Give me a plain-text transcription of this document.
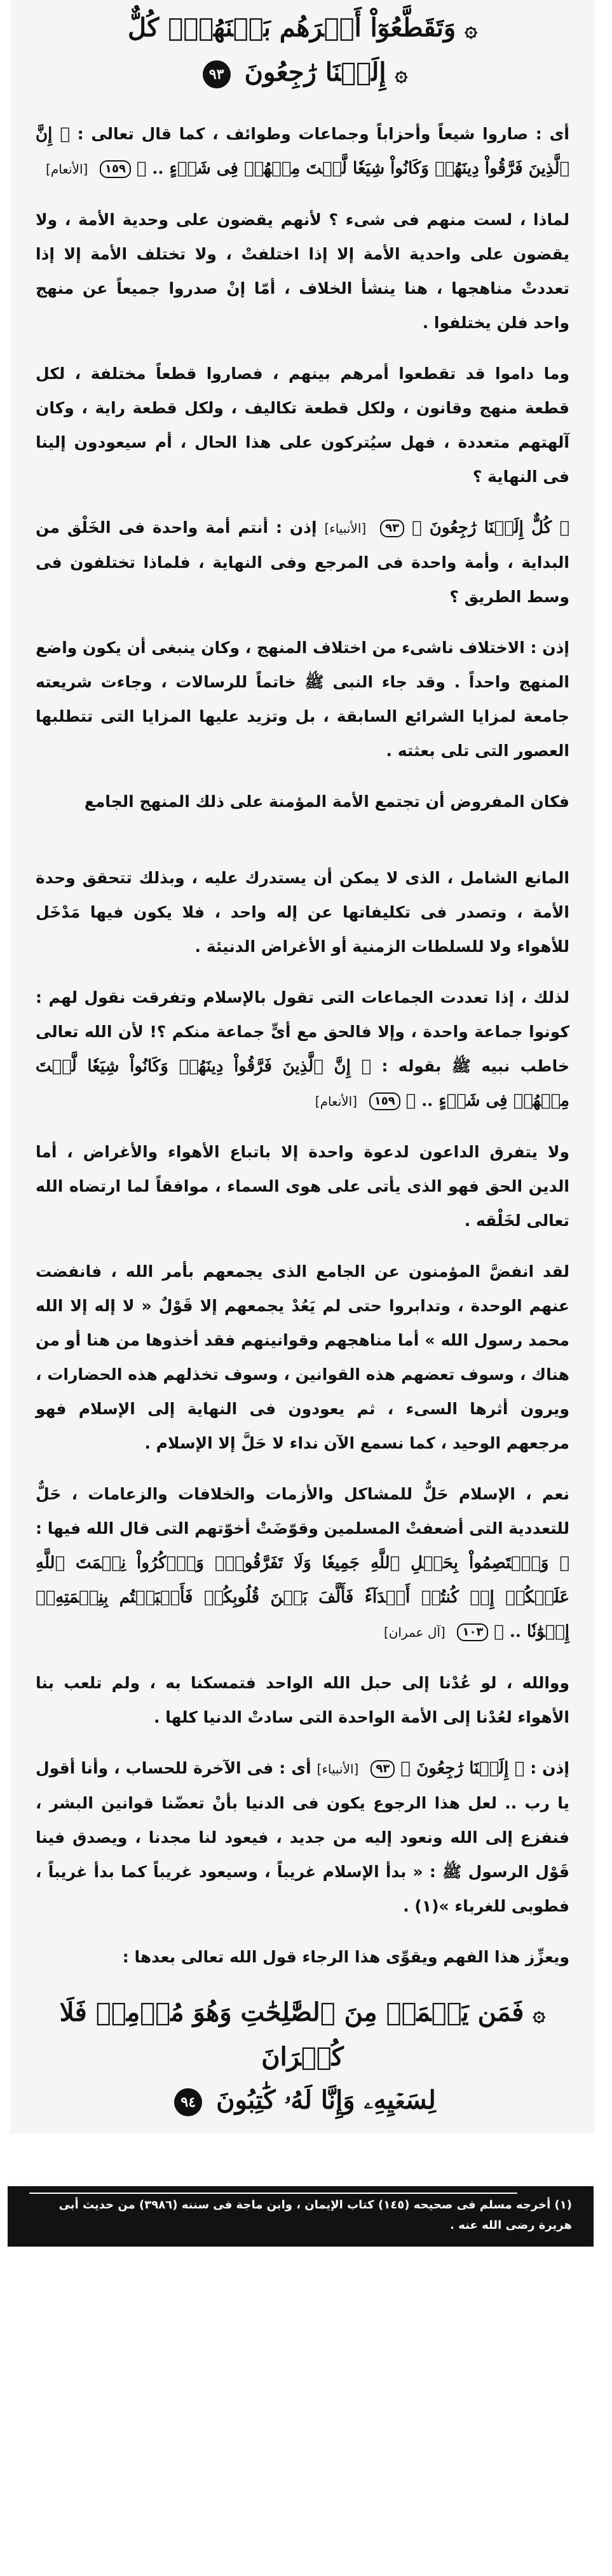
۞ وَتَقَطَّعُوٓاْ أَمۡرَهُم بَيۡنَهُمۡۖ كُلٌّ
۞ إِلَيۡنَا رَٰجِعُونَ ٩٣

أى : صاروا شيعاً وأحزاباً وجماعات وطوائف ، كما قال تعالى : ﴿ إِنَّ ٱلَّذِينَ فَرَّقُواْ دِينَهُمۡ وَكَانُواْ شِيَعٗا لَّسۡتَ مِنۡهُمۡ فِى شَىۡءٍ .. ﴾ ١٥٩ [الأنعام]

لماذا ، لست منهم فى شىء ؟ لأنهم يقضون على وحدية الأمة ، ولا يقضون على واحدية الأمة إلا إذا اختلفتْ ، ولا تختلف الأمة إلا إذا تعددتْ مناهجها ، هنا ينشأ الخلاف ، أمّا إنْ صدروا جميعاً عن منهج واحد فلن يختلفوا .

وما داموا قد تقطعوا أمرهم بينهم ، فصاروا قطعاً مختلفة ، لكل قطعة منهج وقانون ، ولكل قطعة تكاليف ، ولكل قطعة راية ، وكان آلهتهم متعددة ، فهل سيُتركون على هذا الحال ، أم سيعودون إلينا فى النهاية ؟

﴿ كُلٌّ إِلَيۡنَا رَٰجِعُونَ ﴾ ٩٣ [الأنبياء] إذن : أنتم أمة واحدة فى الخَلْق من البداية ، وأمة واحدة فى المرجع وفى النهاية ، فلماذا تختلفون فى وسط الطريق ؟

إذن : الاختلاف ناشىء من اختلاف المنهج ، وكان ينبغى أن يكون واضع المنهج واحداً . وقد جاء النبى ﷺ خاتماً للرسالات ، وجاءت شريعته جامعة لمزايا الشرائع السابقة ، بل وتزيد عليها المزايا التى تتطلبها العصور التى تلى بعثته .

فكان المفروض أن تجتمع الأمة المؤمنة على ذلك المنهج الجامع

المانع الشامل ، الذى لا يمكن أن يستدرك عليه ، وبذلك تتحقق وحدة الأمة ، وتصدر فى تكليفاتها عن إله واحد ، فلا يكون فيها مَدْخَل للأهواء ولا للسلطات الزمنية أو الأغراض الدنيئة .

لذلك ، إذا تعددت الجماعات التى تقول بالإسلام وتفرقت نقول لهم : كونوا جماعة واحدة ، وإلا فالحق مع أىٍّ جماعة منكم ؟! لأن الله تعالى خاطب نبيه ﷺ بقوله : ﴿ إِنَّ ٱلَّذِينَ فَرَّقُواْ دِينَهُمۡ وَكَانُواْ شِيَعٗا لَّسۡتَ مِنۡهُمۡ فِى شَىۡءٍ .. ﴾ ١٥٩ [الأنعام]

ولا يتفرق الداعون لدعوة واحدة إلا باتباع الأهواء والأغراض ، أما الدين الحق فهو الذى يأتى على هوى السماء ، موافقاً لما ارتضاه الله تعالى لخَلْقه .

لقد انفضَّ المؤمنون عن الجامع الذى يجمعهم بأمر الله ، فانفضت عنهم الوحدة ، وتدابروا حتى لم يَعُدْ يجمعهم إلا قَوْلٌ « لا إله إلا الله محمد رسول الله » أما مناهجهم وقوانينهم فقد أخذوها من هنا أو من هناك ، وسوف تعضهم هذه القوانين ، وسوف تخذلهم هذه الحضارات ، ويرون أثرها السىء ، ثم يعودون فى النهاية إلى الإسلام فهو مرجعهم الوحيد ، كما نسمع الآن نداء لا حَلَّ إلا الإسلام .

نعم ، الإسلام حَلٌّ للمشاكل والأزمات والخلافات والزعامات ، حَلٌّ للتعددية التى أضعفتْ المسلمين وقوّضَتْ أخوّتهم التى قال الله فيها : ﴿ وَٱعۡتَصِمُواْ بِحَبۡلِ ٱللَّهِ جَمِيعٗا وَلَا تَفَرَّقُواْۚ وَٱذۡكُرُواْ نِعۡمَتَ ٱللَّهِ عَلَيۡكُمۡ إِذۡ كُنتُمۡ أَعۡدَآءٗ فَأَلَّفَ بَيۡنَ قُلُوبِكُمۡ فَأَصۡبَحۡتُم بِنِعۡمَتِهِۦٓ إِخۡوَٰنٗا .. ﴾ ١٠٣ [آل عمران]

ووالله ، لو عُدْنا إلى حبل الله الواحد فتمسكنا به ، ولم تلعب بنا الأهواء لعُدْنا إلى الأمة الواحدة التى سادتْ الدنيا كلها .

إذن : ﴿ إِلَيۡنَا رَٰجِعُونَ ﴾ ٩٣ [الأنبياء] أى : فى الآخرة للحساب ، وأنا أقول يا رب .. لعل هذا الرجوع يكون فى الدنيا بأنْ تعضّنا قوانين البشر ، فنفزع إلى الله ونعود إليه من جديد ، فيعود لنا مجدنا ، ويصدق فينا قَوْل الرسول ﷺ : « بدأ الإسلام غريباً ، وسيعود غريباً كما بدأ غريباً ، فطوبى للغرباء »(١) .

ويعزِّز هذا الفهم ويقوِّى هذا الرجاء قول الله تعالى بعدها :

۞ فَمَن يَعۡمَلۡ مِنَ ٱلصَّٰلِحَٰتِ وَهُوَ مُؤۡمِنٞ فَلَا كُفۡرَانَ
لِسَعۡيِهِۦ وَإِنَّا لَهُۥ كَٰتِبُونَ ٩٤
(١) أخرجه مسلم فى صحيحه (١٤٥) كتاب الإيمان ، وابن ماجة فى سننه (٣٩٨٦) من حديث أبى هريرة رضى الله عنه .
